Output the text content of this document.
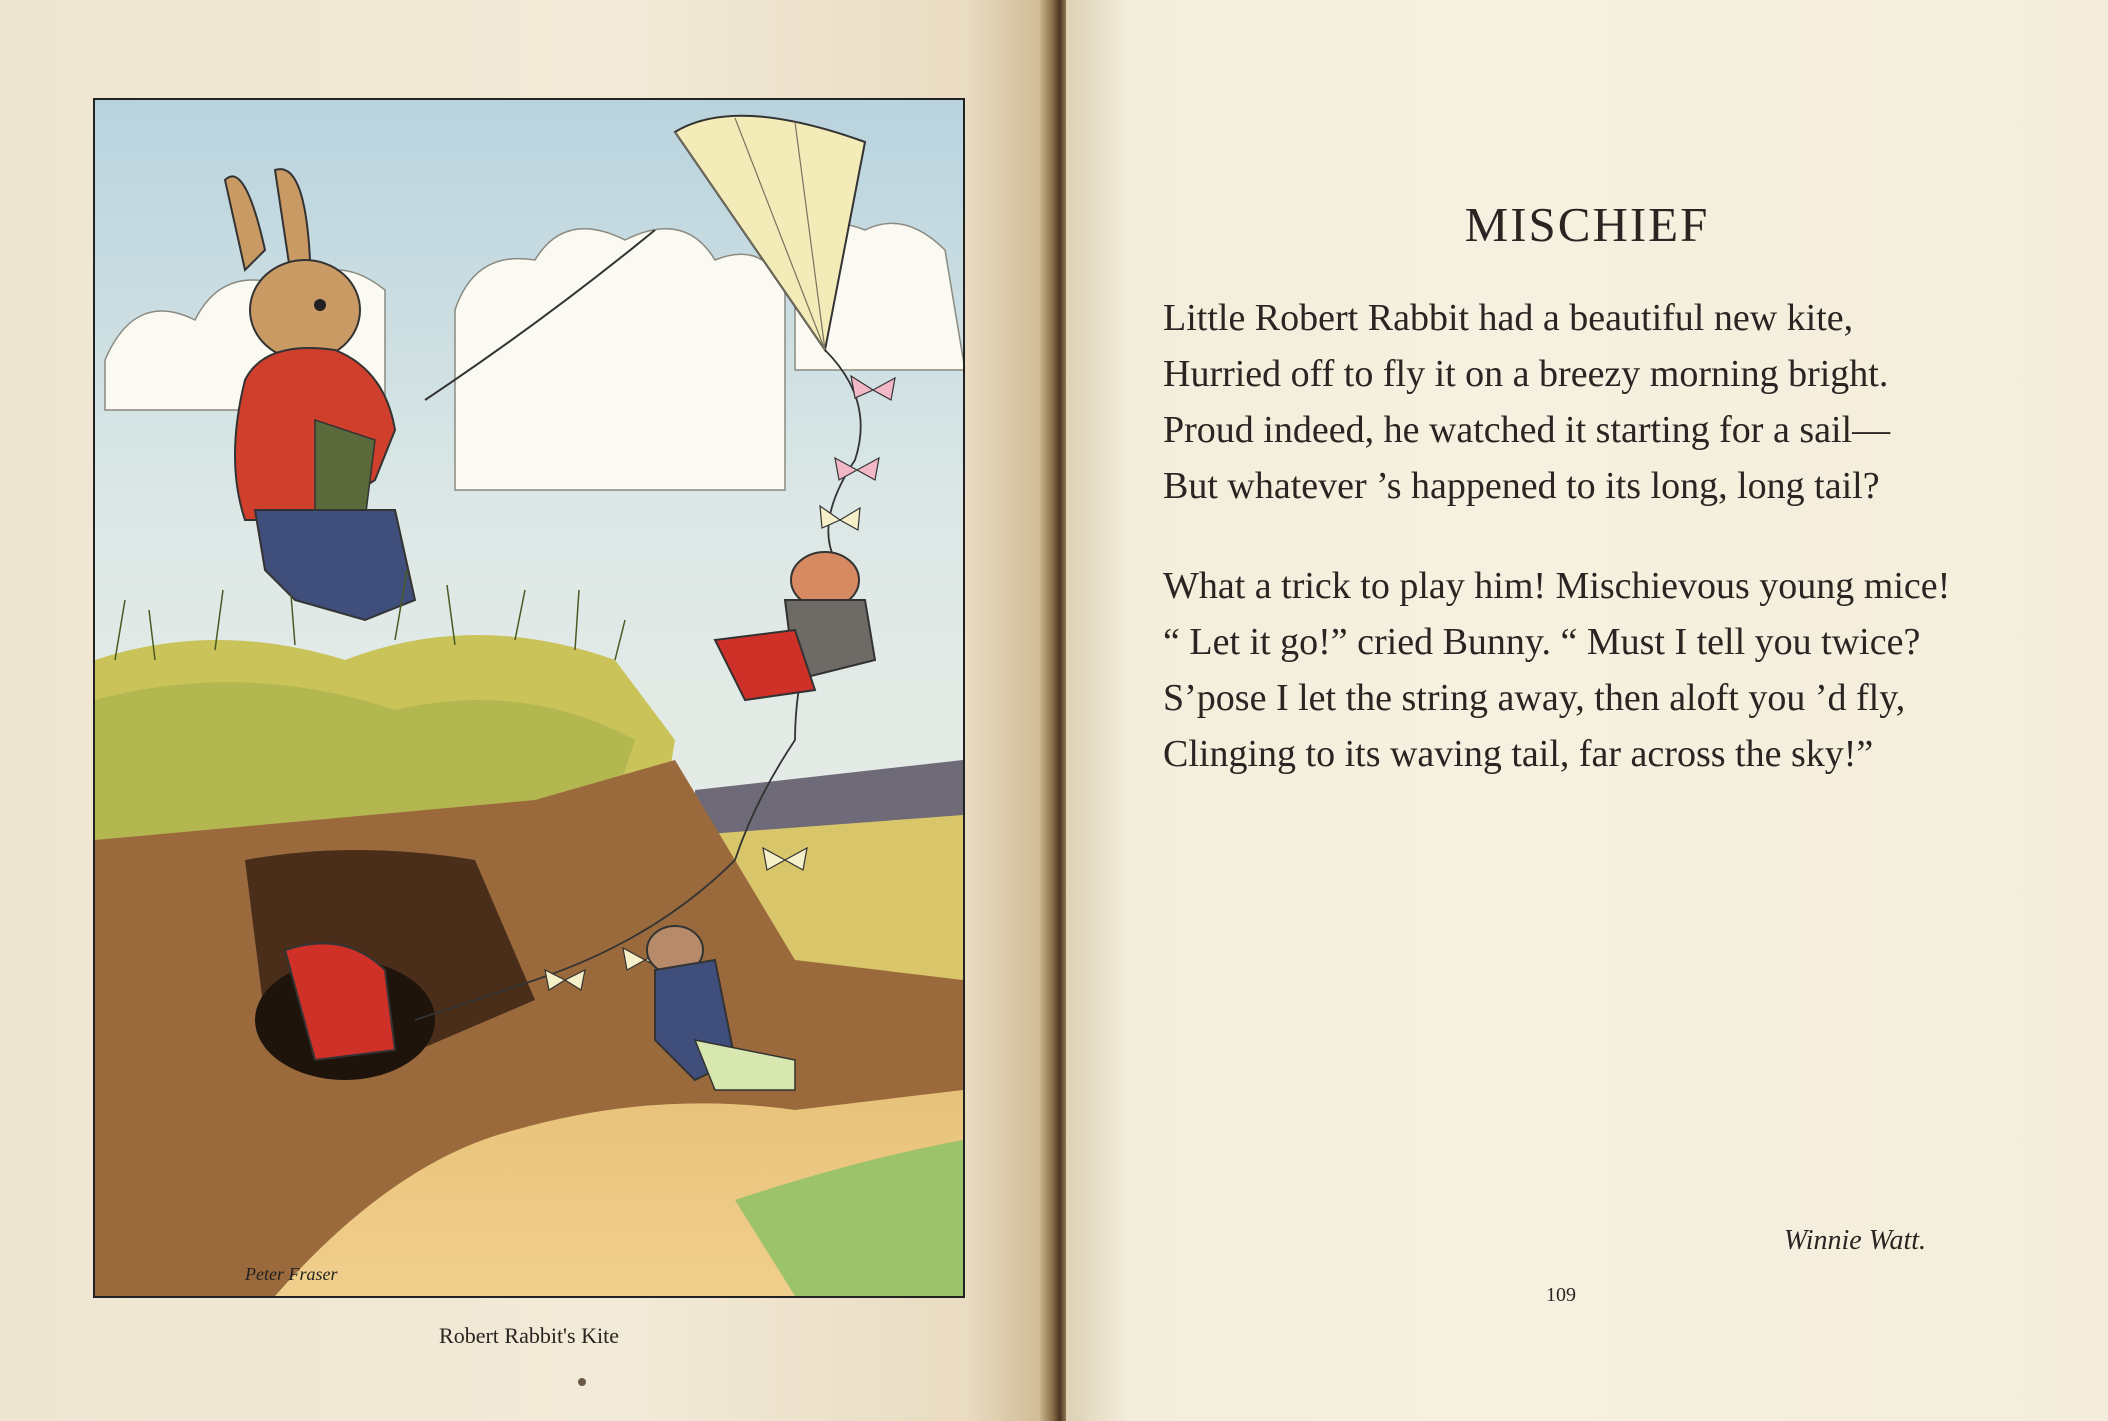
Peter Fraser
Robert Rabbit's Kite
MISCHIEF

Little Robert Rabbit had a beautiful new kite,
Hurried off to fly it on a breezy morning bright.
Proud indeed, he watched it starting for a sail—
But whatever ’s happened to its long, long tail?

What a trick to play him! Mischievous young mice!
“ Let it go!” cried Bunny. “ Must I tell you twice?
S’pose I let the string away, then aloft you ’d fly,
Clinging to its waving tail, far across the sky!”

Winnie Watt.
109
